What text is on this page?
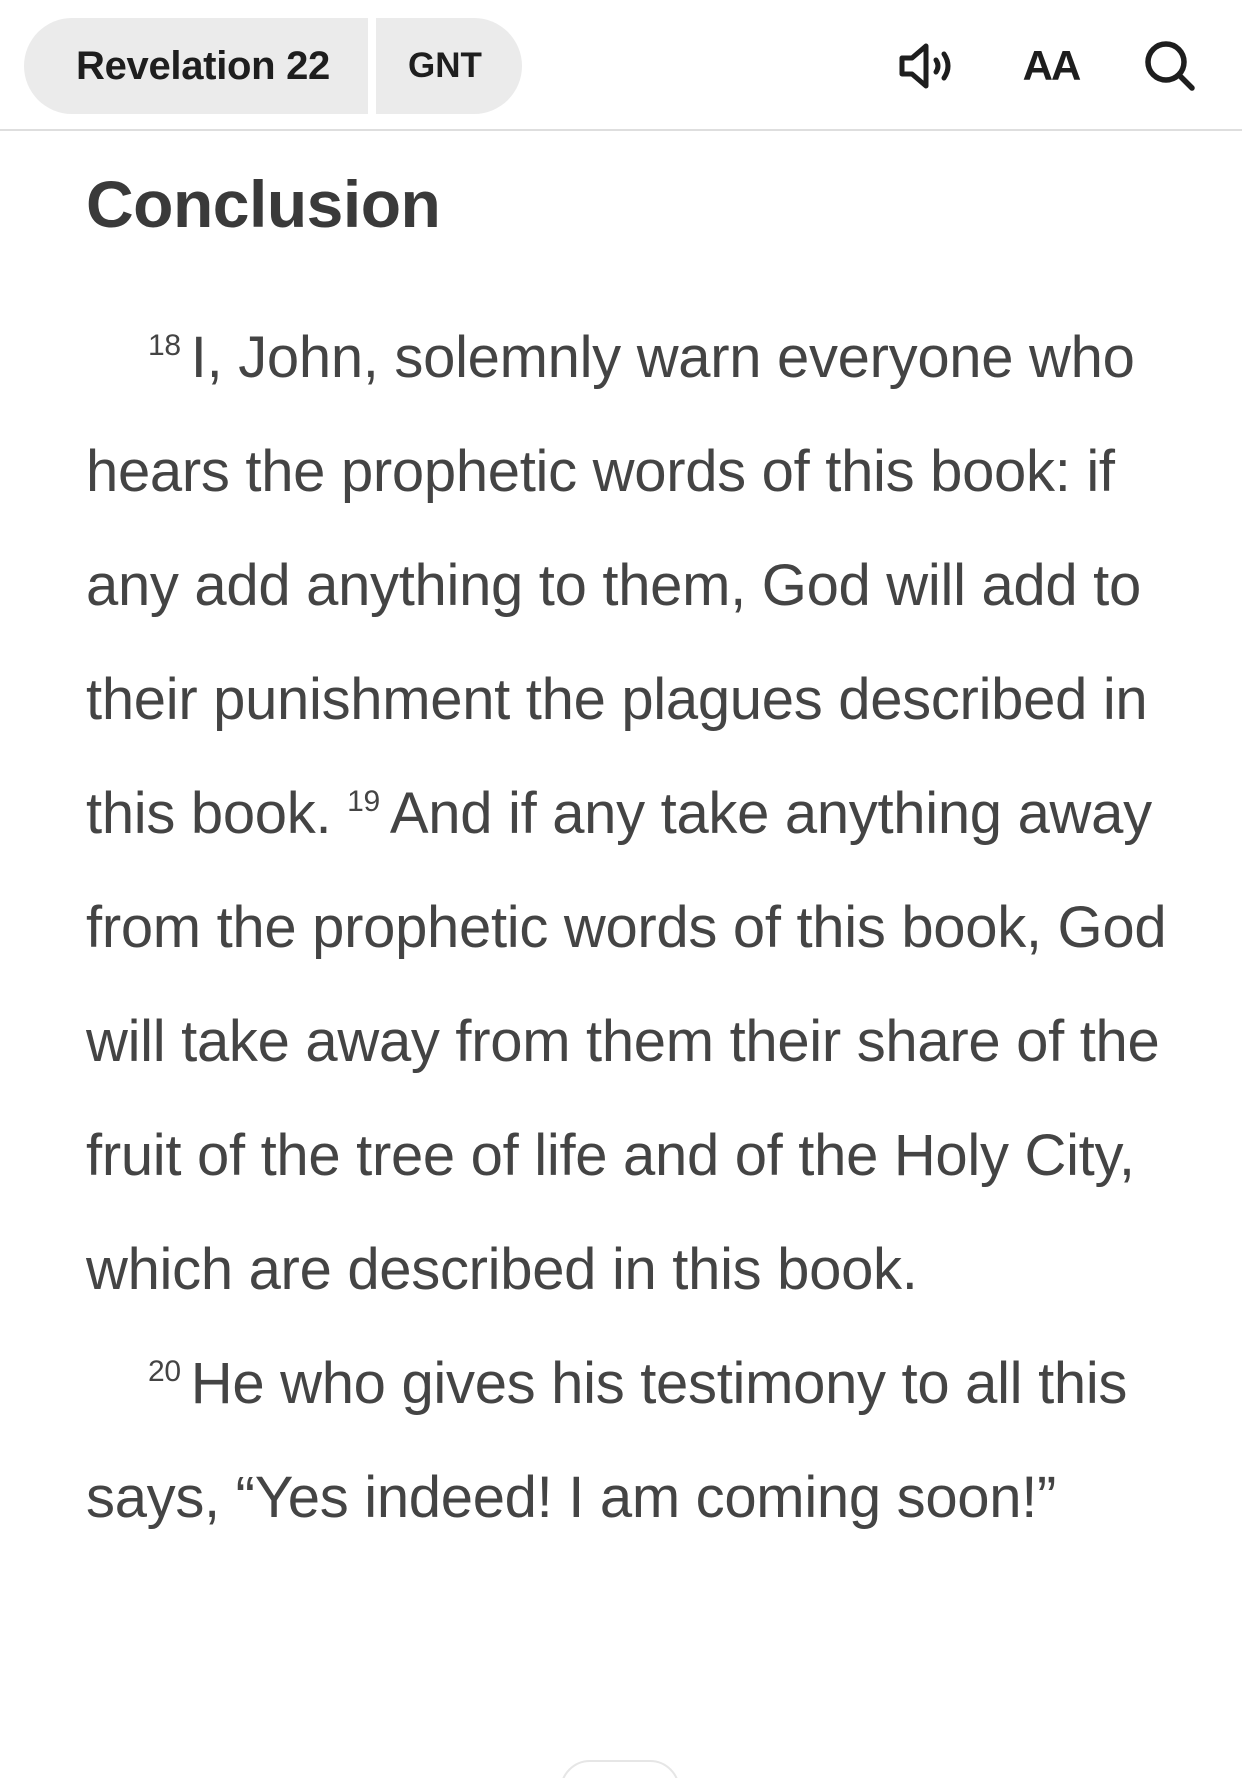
Revelation 22	GNT	AA
Conclusion

$^{18}$ I, John, solemnly warn everyone who hears the prophetic words of this book: if any add anything to them, God will add to their punishment the plagues described in this book. $^{19}$ And if any take anything away from the prophetic words of this book, God will take away from them their share of the fruit of the tree of life and of the Holy City, which are described in this book.

$^{20}$ He who gives his testimony to all this says, “Yes indeed! I am coming soon!”
